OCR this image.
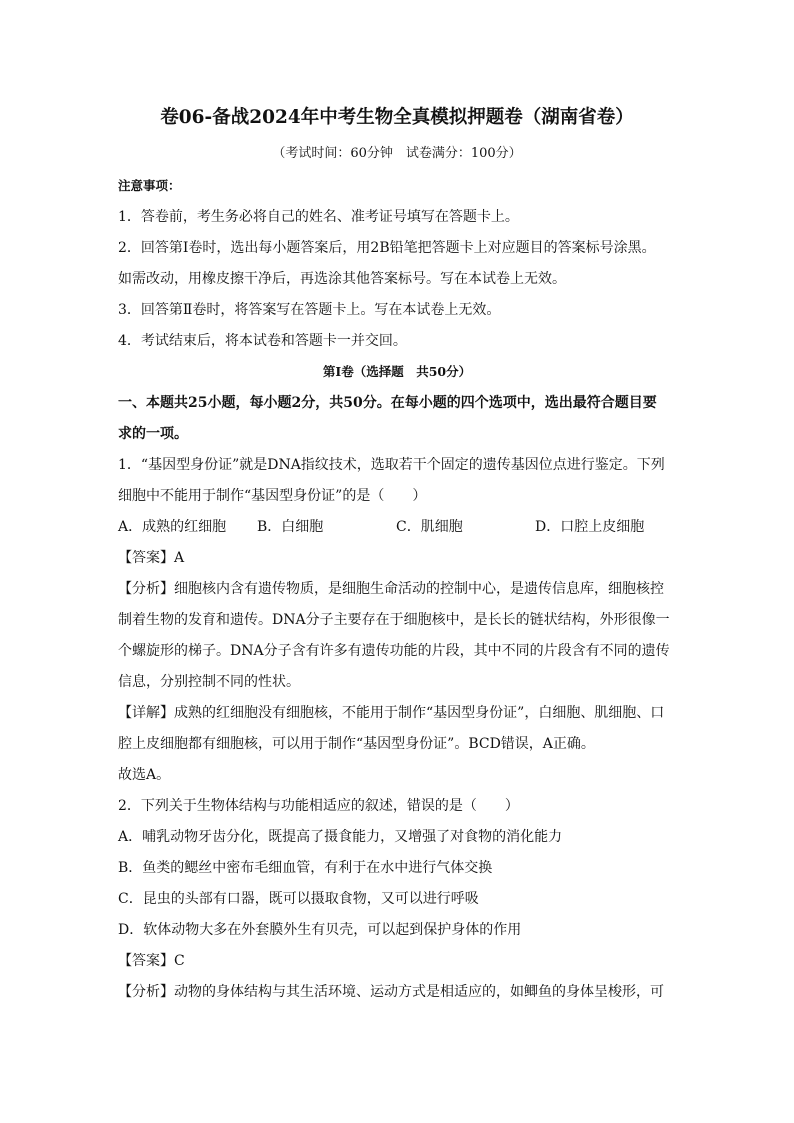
卷06-备战2024年中考生物全真模拟押题卷（湖南省卷）
（考试时间：60分钟　试卷满分：100分）
注意事项：
1．答卷前，考生务必将自己的姓名、准考证号填写在答题卡上。
2．回答第Ⅰ卷时，选出每小题答案后，用2B铅笔把答题卡上对应题目的答案标号涂黑。
如需改动，用橡皮擦干净后，再选涂其他答案标号。写在本试卷上无效。
3．回答第Ⅱ卷时，将答案写在答题卡上。写在本试卷上无效。
4．考试结束后，将本试卷和答题卡一并交回。
第Ⅰ卷（选择题　共50分）
一、本题共25小题，每小题2分，共50分。在每小题的四个选项中，选出最符合题目要
求的一项。
1．“基因型身份证”就是DNA指纹技术，选取若干个固定的遗传基因位点进行鉴定。下列
细胞中不能用于制作“基因型身份证”的是（　　）
A．成熟的红细胞 B．白细胞	C．肌细胞	D．口腔上皮细胞
【答案】A
【分析】细胞核内含有遗传物质，是细胞生命活动的控制中心，是遗传信息库，细胞核控
制着生物的发育和遗传。DNA分子主要存在于细胞核中，是长长的链状结构，外形很像一
个螺旋形的梯子。DNA分子含有许多有遗传功能的片段，其中不同的片段含有不同的遗传
信息，分别控制不同的性状。
【详解】成熟的红细胞没有细胞核，不能用于制作“基因型身份证”，白细胞、肌细胞、口
腔上皮细胞都有细胞核，可以用于制作“基因型身份证”。BCD错误，A正确。
故选A。
2．下列关于生物体结构与功能相适应的叙述，错误的是（　　）
A．哺乳动物牙齿分化，既提高了摄食能力，又增强了对食物的消化能力
B．鱼类的鳃丝中密布毛细血管，有利于在水中进行气体交换
C．昆虫的头部有口器，既可以摄取食物，又可以进行呼吸
D．软体动物大多在外套膜外生有贝壳，可以起到保护身体的作用
【答案】C
【分析】动物的身体结构与其生活环境、运动方式是相适应的，如鲫鱼的身体呈梭形，可
